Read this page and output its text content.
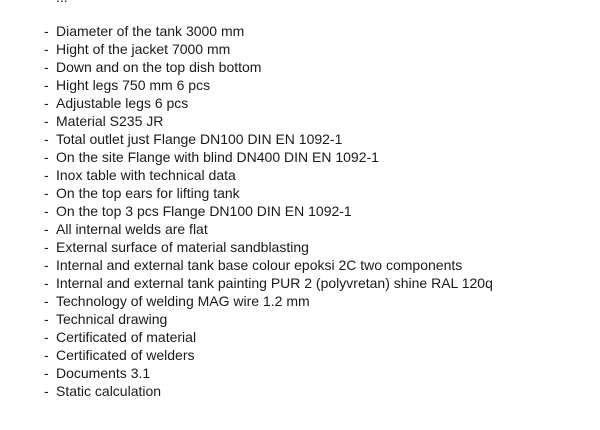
- Diameter of the tank 3000 mm
- Hight of the jacket 7000 mm
- Down and on the top dish bottom
- Hight legs 750 mm 6 pcs
- Adjustable legs 6 pcs
- Material S235 JR
- Total outlet just Flange DN100 DIN EN 1092-1
- On the site Flange with blind DN400 DIN EN 1092-1
- Inox table with technical data
- On the top ears for lifting tank
- On the top 3 pcs Flange DN100 DIN EN 1092-1
- All internal welds are flat
- External surface of material sandblasting
- Internal and external tank base colour epoksi 2C two components
- Internal and external tank painting PUR 2 (polyvretan) shine RAL 120q
- Technology of welding MAG wire 1.2 mm
- Technical drawing
- Certificated of material
- Certificated of welders
- Documents 3.1
- Static calculation
